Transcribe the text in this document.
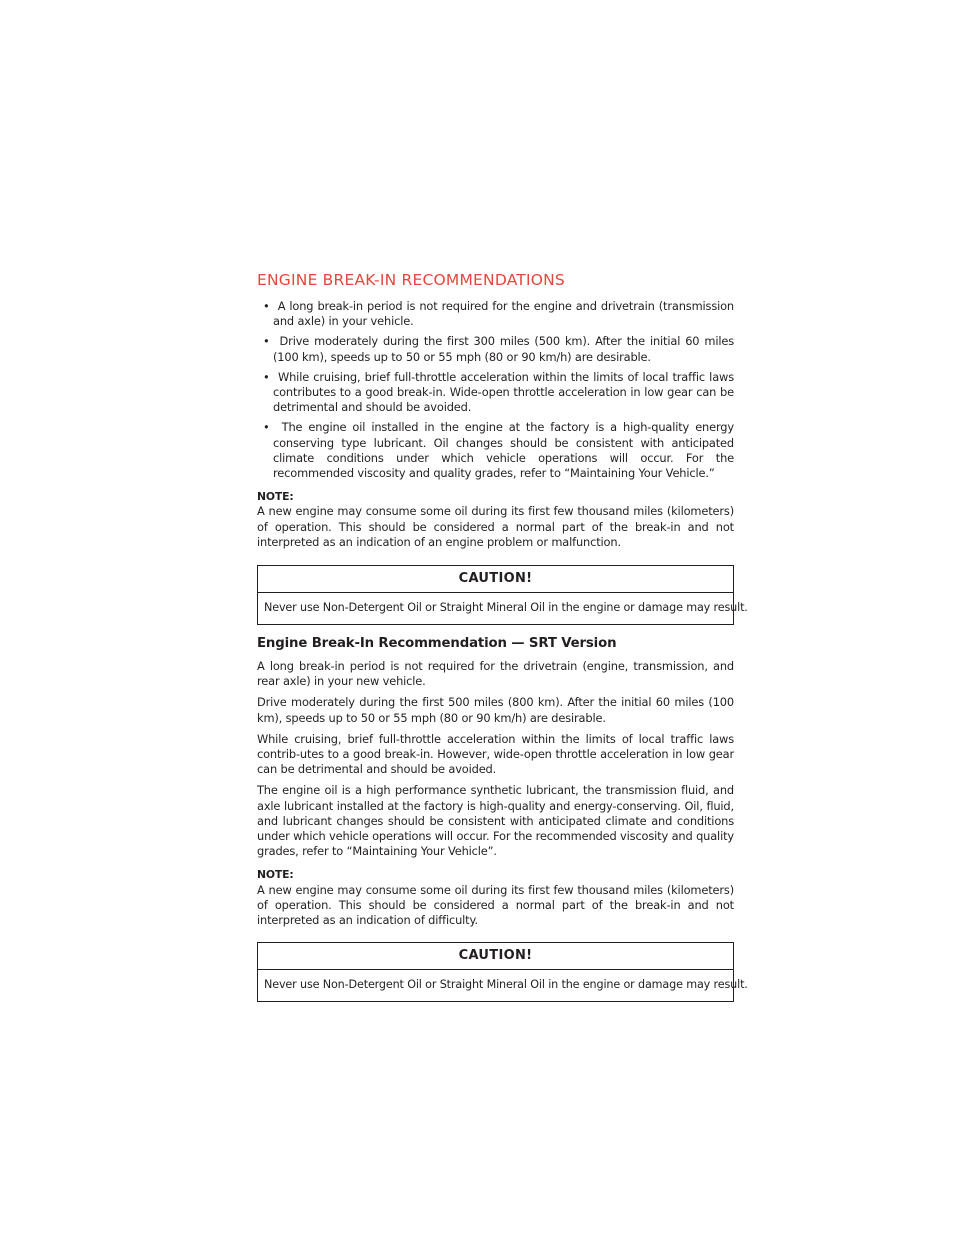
ENGINE BREAK-IN RECOMMENDATIONS
•  A long break-in period is not required for the engine and drivetrain (transmission and axle) in your vehicle.
•  Drive moderately during the first 300 miles (500 km). After the initial 60 miles (100 km), speeds up to 50 or 55 mph (80 or 90 km/h) are desirable.
•  While cruising, brief full-throttle acceleration within the limits of local traffic laws contributes to a good break-in. Wide-open throttle acceleration in low gear can be detrimental and should be avoided.
•  The engine oil installed in the engine at the factory is a high-quality energy conserving type lubricant. Oil changes should be consistent with anticipated climate conditions under which vehicle operations will occur. For the recommended viscosity and quality grades, refer to “Maintaining Your Vehicle.”
NOTE:

A new engine may consume some oil during its first few thousand miles (kilometers) of operation. This should be considered a normal part of the break-in and not interpreted as an indication of an engine problem or malfunction.

CAUTION!
Never use Non-Detergent Oil or Straight Mineral Oil in the engine or damage may result.
Engine Break-In Recommendation — SRT Version

A long break-in period is not required for the drivetrain (engine, transmission, and rear axle) in your new vehicle.

Drive moderately during the first 500 miles (800 km). After the initial 60 miles (100 km), speeds up to 50 or 55 mph (80 or 90 km/h) are desirable.

While cruising, brief full-throttle acceleration within the limits of local traffic laws contrib-utes to a good break-in. However, wide-open throttle acceleration in low gear can be detrimental and should be avoided.

The engine oil is a high performance synthetic lubricant, the transmission fluid, and axle lubricant installed at the factory is high-quality and energy-conserving. Oil, fluid, and lubricant changes should be consistent with anticipated climate and conditions under which vehicle operations will occur. For the recommended viscosity and quality grades, refer to “Maintaining Your Vehicle”.

NOTE:

A new engine may consume some oil during its first few thousand miles (kilometers) of operation. This should be considered a normal part of the break-in and not interpreted as an indication of difficulty.

CAUTION!
Never use Non-Detergent Oil or Straight Mineral Oil in the engine or damage may result.
